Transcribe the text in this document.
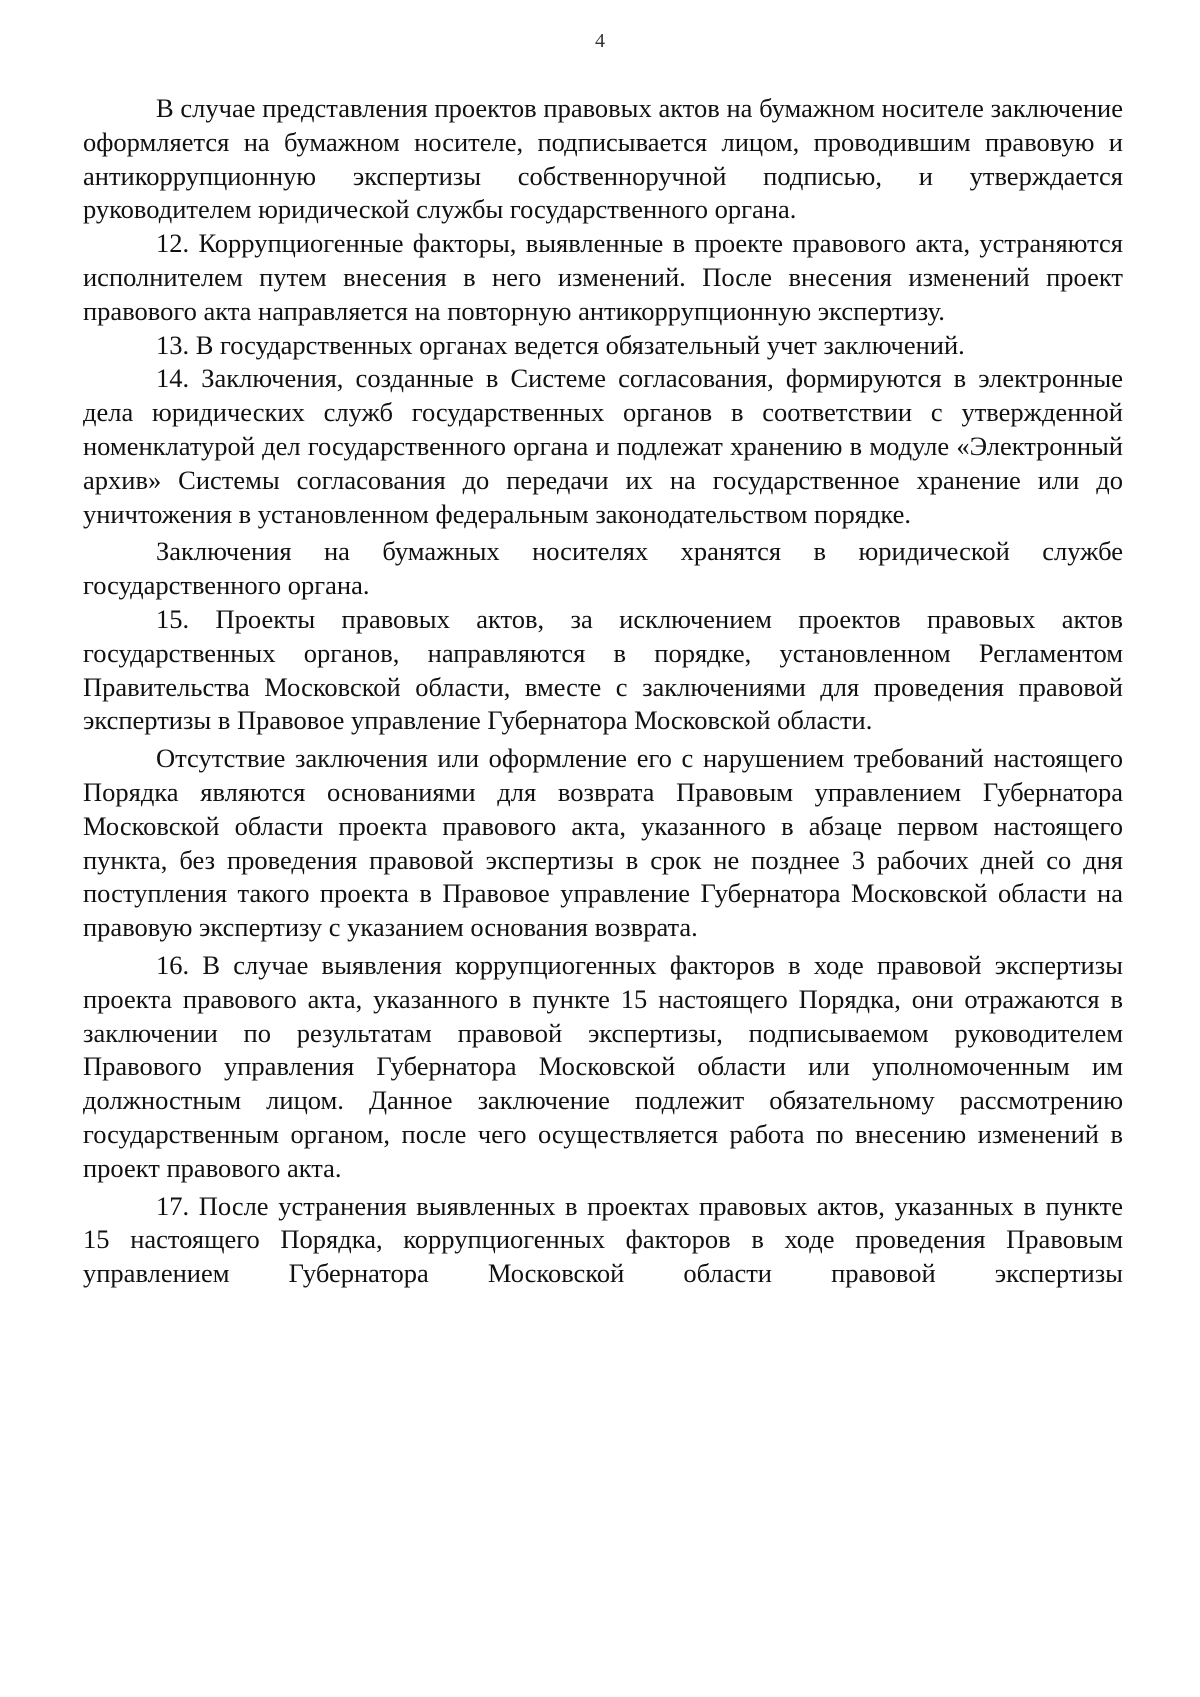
4

В случае представления проектов правовых актов на бумажном носителе заключение оформляется на бумажном носителе, подписывается лицом, проводившим правовую и антикоррупционную экспертизы собственноручной подписью, и утверждается руководителем юридической службы государственного органа.

12. Коррупциогенные факторы, выявленные в проекте правового акта, устраняются исполнителем путем внесения в него изменений. После внесения изменений проект правового акта направляется на повторную антикоррупционную экспертизу.

13. В государственных органах ведется обязательный учет заключений.

14. Заключения, созданные в Системе согласования, формируются в электронные дела юридических служб государственных органов в соответствии с утвержденной номенклатурой дел государственного органа и подлежат хранению в модуле «Электронный архив» Системы согласования до передачи их на государственное хранение или до уничтожения в установленном федеральным законодательством порядке.

Заключения на бумажных носителях хранятся в юридической службе государственного органа.

15. Проекты правовых актов, за исключением проектов правовых актов государственных органов, направляются в порядке, установленном Регламентом Правительства Московской области, вместе с заключениями для проведения правовой экспертизы в Правовое управление Губернатора Московской области.

Отсутствие заключения или оформление его с нарушением требований настоящего Порядка являются основаниями для возврата Правовым управлением Губернатора Московской области проекта правового акта, указанного в абзаце первом настоящего пункта, без проведения правовой экспертизы в срок не позднее 3 рабочих дней со дня поступления такого проекта в Правовое управление Губернатора Московской области на правовую экспертизу с указанием основания возврата.

16. В случае выявления коррупциогенных факторов в ходе правовой экспертизы проекта правового акта, указанного в пункте 15 настоящего Порядка, они отражаются в заключении по результатам правовой экспертизы, подписываемом руководителем Правового управления Губернатора Московской области или уполномоченным им должностным лицом. Данное заключение подлежит обязательному рассмотрению государственным органом, после чего осуществляется работа по внесению изменений в проект правового акта.

17. После устранения выявленных в проектах правовых актов, указанных в пункте 15 настоящего Порядка, коррупциогенных факторов в ходе проведения Правовым управлением Губернатора Московской области правовой экспертизы
